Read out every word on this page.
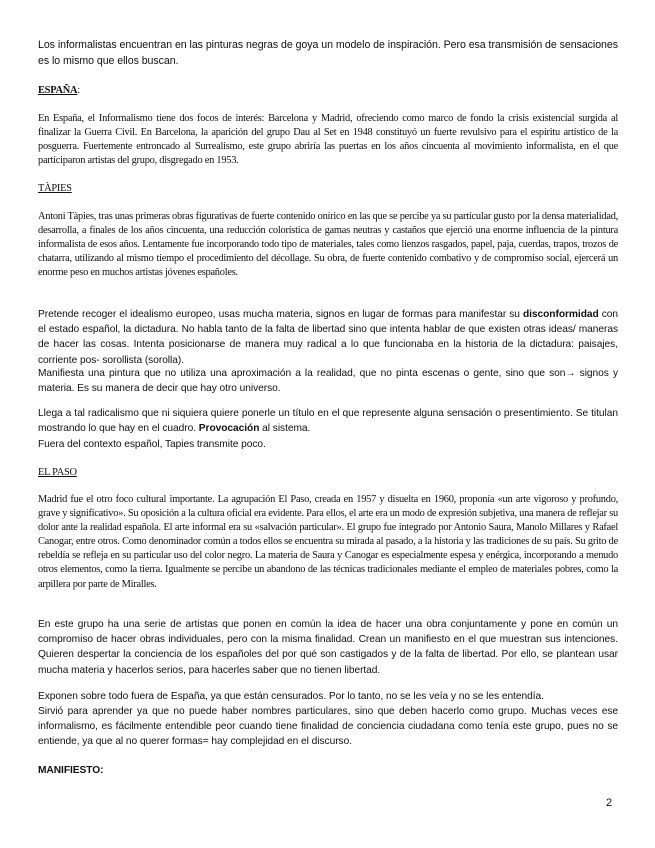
Los informalistas encuentran en las pinturas negras de goya un modelo de inspiración. Pero esa transmisión de sensaciones es lo mismo que ellos buscan.

ESPAÑA:

En España, el Informalismo tiene dos focos de interés: Barcelona y Madrid, ofreciendo como marco de fondo la crisis existencial surgida al finalizar la Guerra Civil. En Barcelona, la aparición del grupo Dau al Set en 1948 constituyó un fuerte revulsivo para el espíritu artístico de la posguerra. Fuertemente entroncado al Surrealismo, este grupo abriría las puertas en los años cincuenta al movimiento informalista, en el que participaron artistas del grupo, disgregado en 1953.

TÀPIES

Antoni Tàpies, tras unas primeras obras figurativas de fuerte contenido onírico en las que se percibe ya su particular gusto por la densa materialidad, desarrolla, a finales de los años cincuenta, una reducción colorística de gamas neutras y castaños que ejerció una enorme influencia de la pintura informalista de esos años. Lentamente fue incorporando todo tipo de materiales, tales como lienzos rasgados, papel, paja, cuerdas, trapos, trozos de chatarra, utilizando al mismo tiempo el procedimiento del décollage. Su obra, de fuerte contenido combativo y de compromiso social, ejercerá un enorme peso en muchos artistas jóvenes españoles.

Pretende recoger el idealismo europeo, usas mucha materia, signos en lugar de formas para manifestar su disconformidad con el estado español, la dictadura. No habla tanto de la falta de libertad sino que intenta hablar de que existen otras ideas/ maneras de hacer las cosas. Intenta posicionarse de manera muy radical a lo que funcionaba en la historia de la dictadura: paisajes, corriente pos- sorollista (sorolla).

Manifiesta una pintura que no utiliza una aproximación a la realidad, que no pinta escenas o gente, sino que son→ signos y materia. Es su manera de decir que hay otro universo.

Llega a tal radicalismo que ni siquiera quiere ponerle un título en el que represente alguna sensación o presentimiento. Se titulan mostrando lo que hay en el cuadro. Provocación al sistema.

Fuera del contexto español, Tapies transmite poco.

EL PASO

Madrid fue el otro foco cultural importante. La agrupación El Paso, creada en 1957 y disuelta en 1960, proponía «un arte vigoroso y profundo, grave y significativo». Su oposición a la cultura oficial era evidente. Para ellos, el arte era un modo de expresión subjetiva, una manera de reflejar su dolor ante la realidad española. El arte informal era su «salvación particular». El grupo fue integrado por Antonio Saura, Manolo Millares y Rafael Canogar, entre otros. Como denominador común a todos ellos se encuentra su mirada al pasado, a la historia y las tradiciones de su país. Su grito de rebeldía se refleja en su particular uso del color negro. La materia de Saura y Canogar es especialmente espesa y enérgica, incorporando a menudo otros elementos, como la tierra. Igualmente se percibe un abandono de las técnicas tradicionales mediante el empleo de materiales pobres, como la arpillera por parte de Miralles.

En este grupo ha una serie de artistas que ponen en común la idea de hacer una obra conjuntamente y pone en común un compromiso de hacer obras individuales, pero con la misma finalidad. Crean un manifiesto en el que muestran sus intenciones. Quieren despertar la conciencia de los españoles del por qué son castigados y de la falta de libertad. Por ello, se plantean usar mucha materia y hacerlos serios, para hacerles saber que no tienen libertad.

Exponen sobre todo fuera de España, ya que están censurados. Por lo tanto, no se les veía y no se les entendía.

Sirvió para aprender ya que no puede haber nombres particulares, sino que deben hacerlo como grupo. Muchas veces ese informalismo, es fácilmente entendible peor cuando tiene finalidad de conciencia ciudadana como tenía este grupo, pues no se entiende, ya que al no querer formas= hay complejidad en el discurso.

MANIFIESTO:

2
